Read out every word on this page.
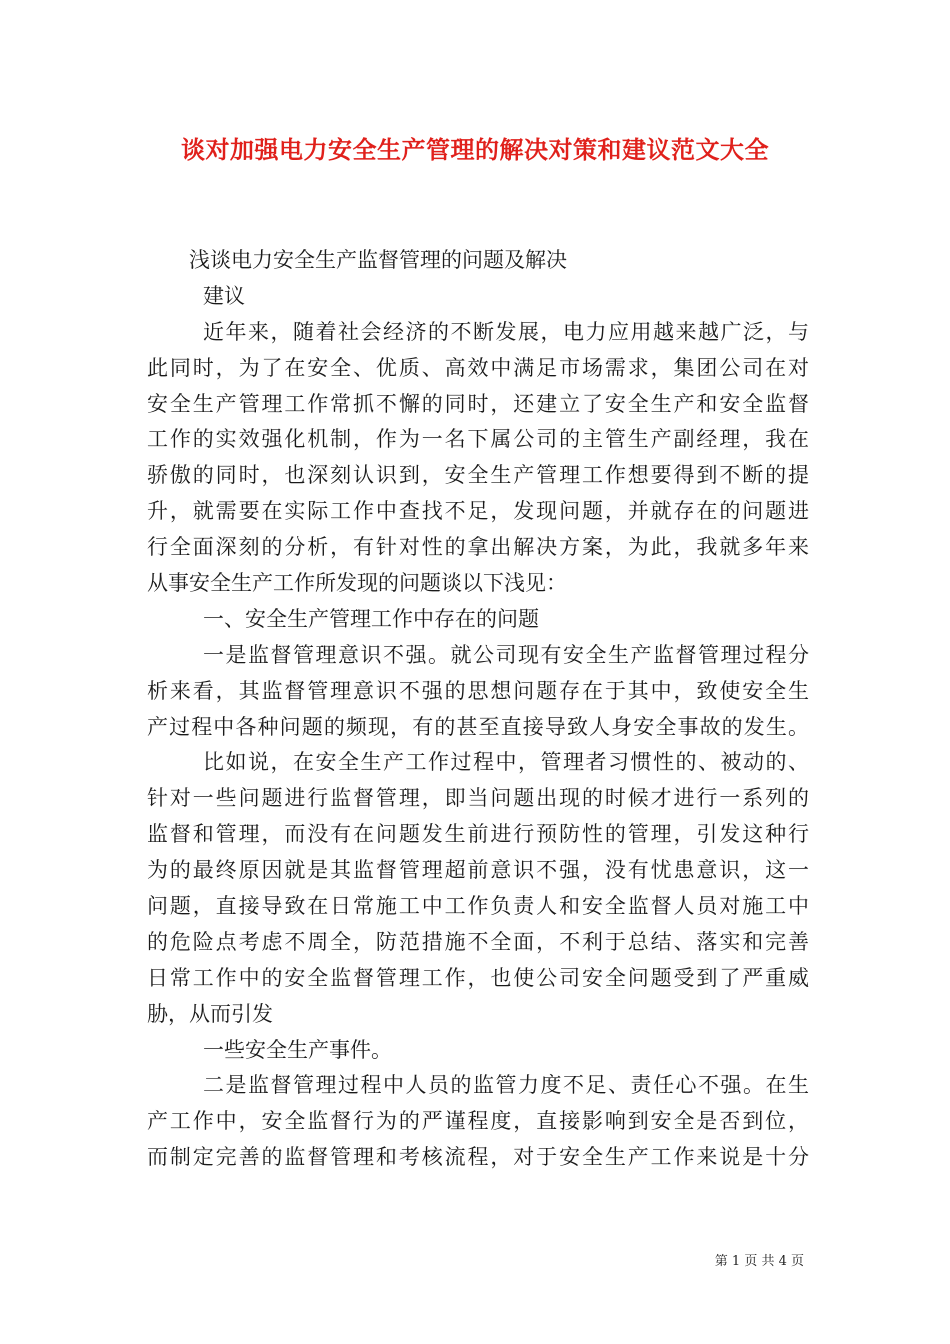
谈对加强电力安全生产管理的解决对策和建议范文大全
浅谈电力安全生产监督管理的问题及解决
建议
近年来，随着社会经济的不断发展，电力应用越来越广泛，与
此同时，为了在安全、优质、高效中满足市场需求，集团公司在对
安全生产管理工作常抓不懈的同时，还建立了安全生产和安全监督
工作的实效强化机制，作为一名下属公司的主管生产副经理，我在
骄傲的同时，也深刻认识到，安全生产管理工作想要得到不断的提
升，就需要在实际工作中查找不足，发现问题，并就存在的问题进
行全面深刻的分析，有针对性的拿出解决方案，为此，我就多年来
从事安全生产工作所发现的问题谈以下浅见：
一、安全生产管理工作中存在的问题
一是监督管理意识不强。就公司现有安全生产监督管理过程分
析来看，其监督管理意识不强的思想问题存在于其中，致使安全生
产过程中各种问题的频现，有的甚至直接导致人身安全事故的发生。
比如说，在安全生产工作过程中，管理者习惯性的、被动的、
针对一些问题进行监督管理，即当问题出现的时候才进行一系列的
监督和管理，而没有在问题发生前进行预防性的管理，引发这种行
为的最终原因就是其监督管理超前意识不强，没有忧患意识，这一
问题，直接导致在日常施工中工作负责人和安全监督人员对施工中
的危险点考虑不周全，防范措施不全面，不利于总结、落实和完善
日常工作中的安全监督管理工作，也使公司安全问题受到了严重威
胁，从而引发
一些安全生产事件。
二是监督管理过程中人员的监管力度不足、责任心不强。在生
产工作中，安全监督行为的严谨程度，直接影响到安全是否到位，
而制定完善的监督管理和考核流程，对于安全生产工作来说是十分
第 1 页 共 4 页
